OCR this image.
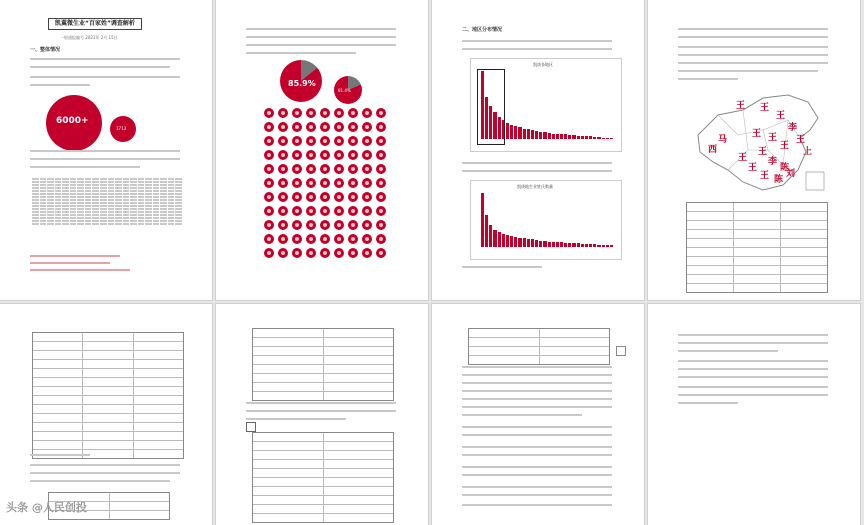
凯翼微生业“百家姓”调查解析
一般通报编号 2021年 2月 15日
一、整体情况
6000+
1713
85.9%
81.4%
二、地区分布情况
凯庚各地区
凯庚地生业姓氏数量
王 王
王
李
马
王 王
王
王
西	王	上
李
陈
王
王 陈
刘
王
头条 @人民创投
